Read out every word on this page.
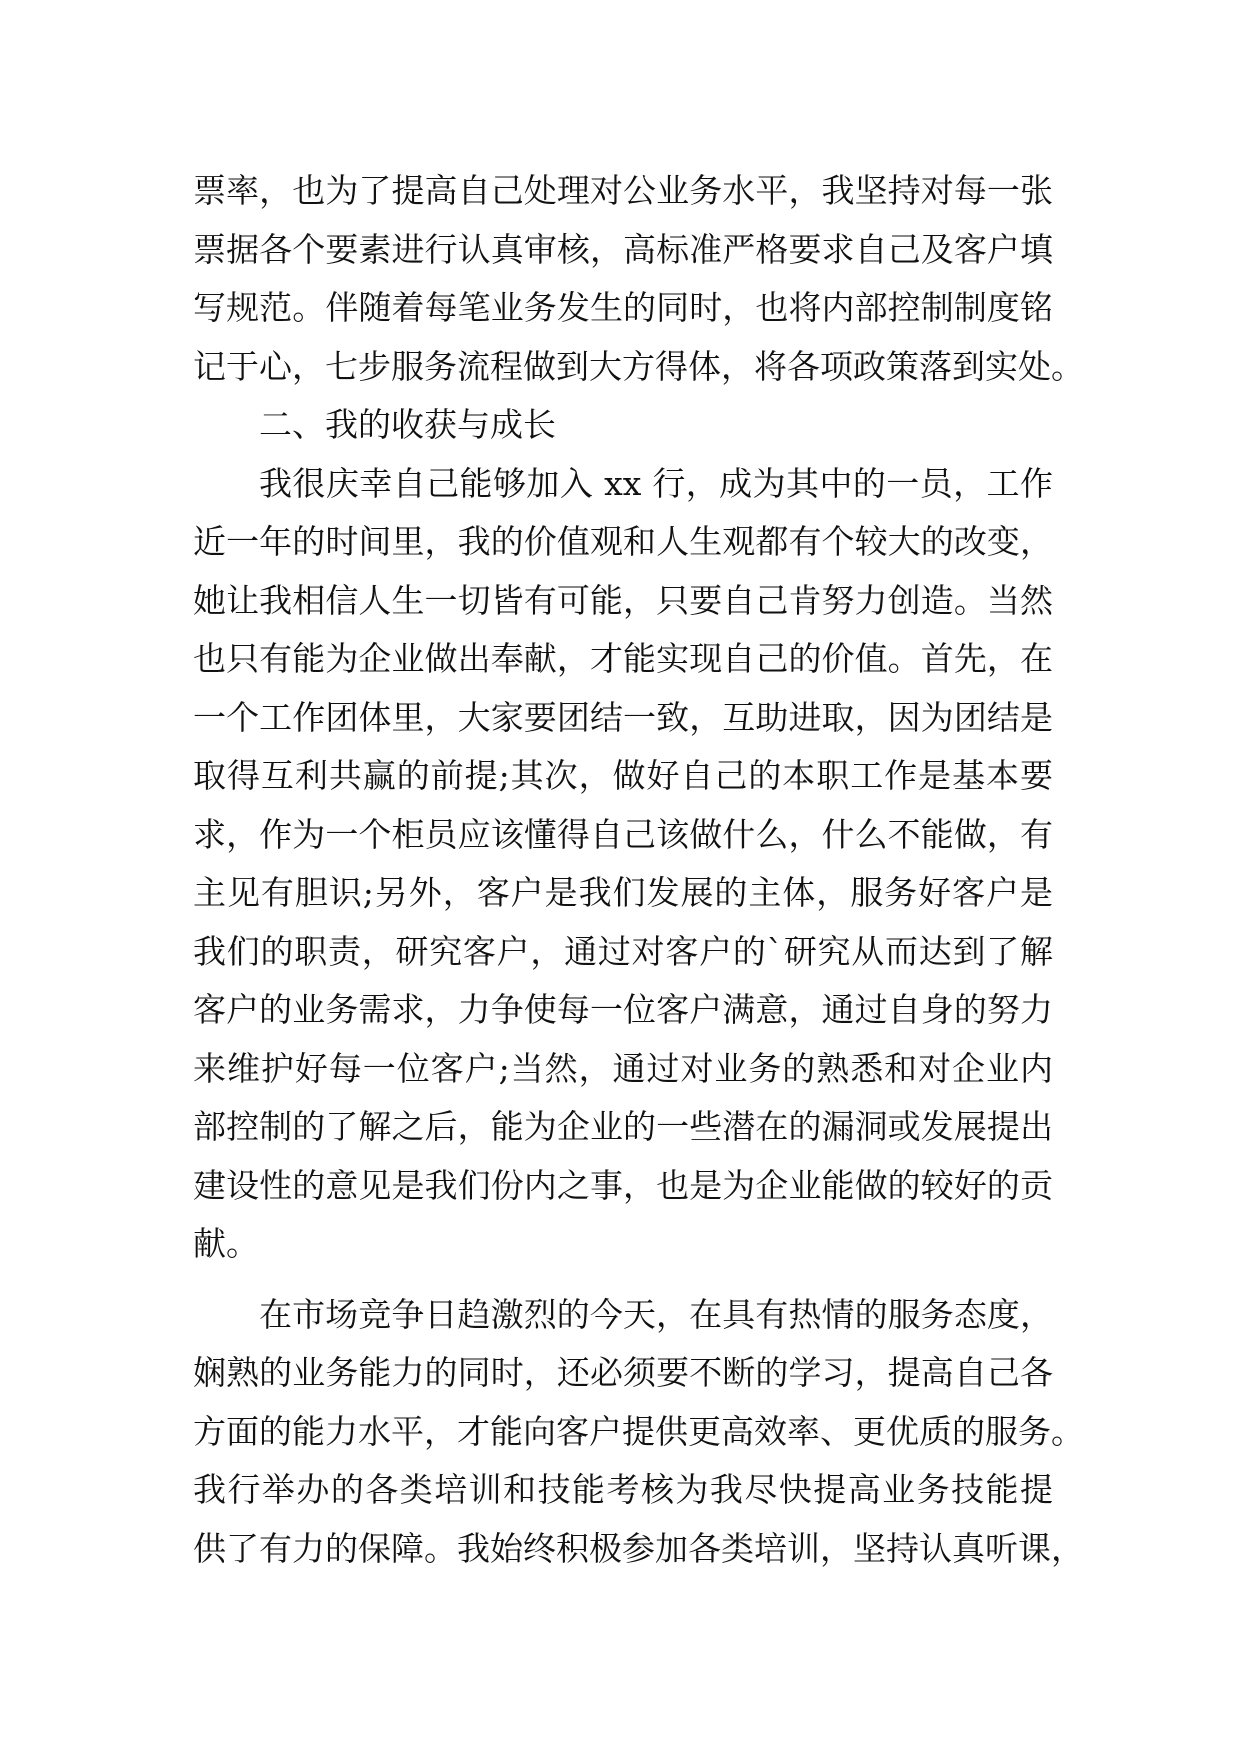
票率，也为了提高自己处理对公业务水平，我坚持对每一张
票据各个要素进行认真审核，高标准严格要求自己及客户填
写规范。伴随着每笔业务发生的同时，也将内部控制制度铭
记于心，七步服务流程做到大方得体，将各项政策落到实处。
二、我的收获与成长
我很庆幸自己能够加入 xx 行，成为其中的一员，工作
近一年的时间里，我的价值观和人生观都有个较大的改变，
她让我相信人生一切皆有可能，只要自己肯努力创造。当然
也只有能为企业做出奉献，才能实现自己的价值。首先，在
一个工作团体里，大家要团结一致，互助进取，因为团结是
取得互利共赢的前提;其次，做好自己的本职工作是基本要
求，作为一个柜员应该懂得自己该做什么，什么不能做，有
主见有胆识;另外，客户是我们发展的主体，服务好客户是
我们的职责，研究客户，通过对客户的`研究从而达到了解
客户的业务需求，力争使每一位客户满意，通过自身的努力
来维护好每一位客户;当然，通过对业务的熟悉和对企业内
部控制的了解之后，能为企业的一些潜在的漏洞或发展提出
建设性的意见是我们份内之事，也是为企业能做的较好的贡
献。
在市场竞争日趋激烈的今天，在具有热情的服务态度，
娴熟的业务能力的同时，还必须要不断的学习，提高自己各
方面的能力水平，才能向客户提供更高效率、更优质的服务。
我行举办的各类培训和技能考核为我尽快提高业务技能提
供了有力的保障。我始终积极参加各类培训，坚持认真听课，
